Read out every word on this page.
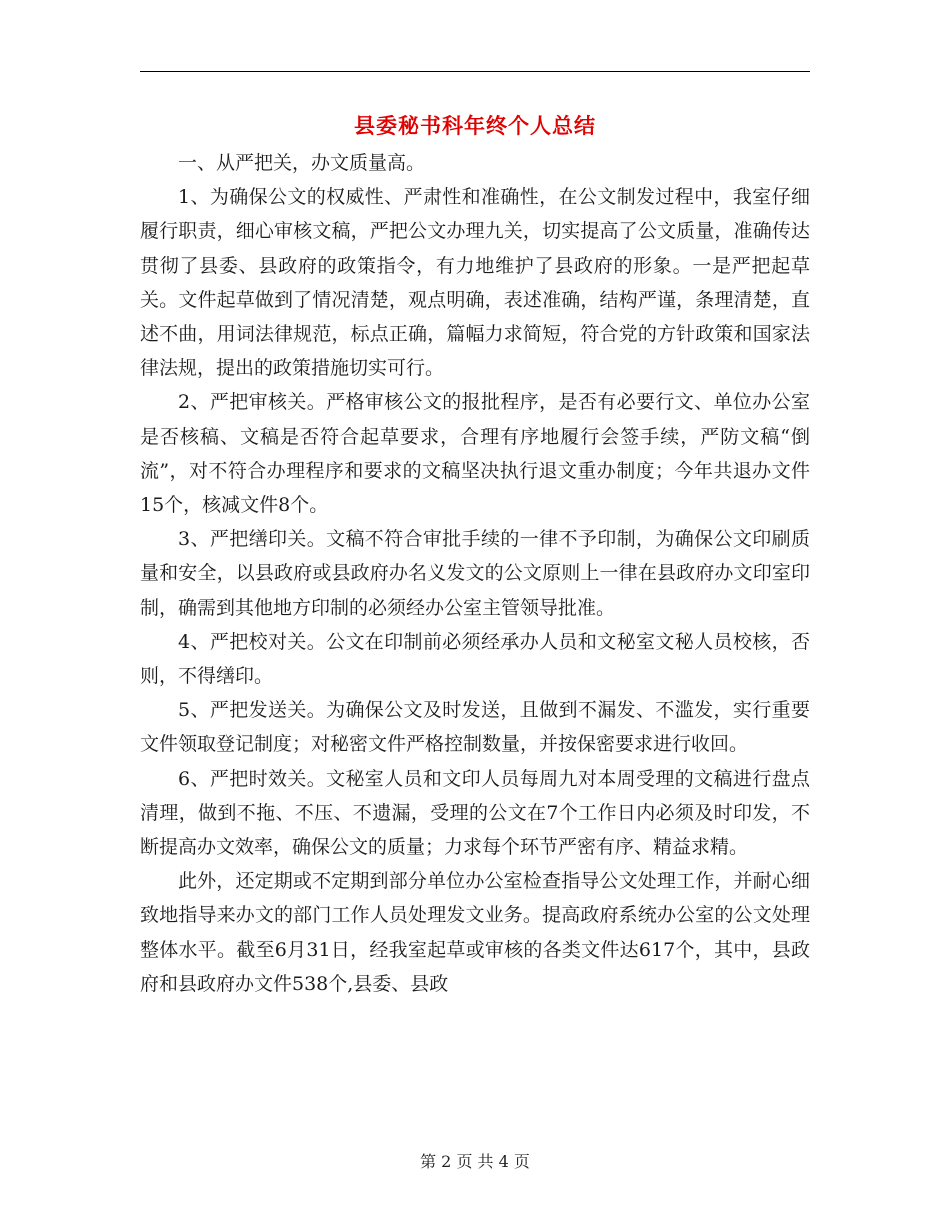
县委秘书科年终个人总结

一、从严把关，办文质量高。

1、为确保公文的权威性、严肃性和准确性，在公文制发过程中，我室仔细履行职责，细心审核文稿，严把公文办理九关，切实提高了公文质量，准确传达贯彻了县委、县政府的政策指令，有力地维护了县政府的形象。一是严把起草关。文件起草做到了情况清楚，观点明确，表述准确，结构严谨，条理清楚，直述不曲，用词法律规范，标点正确，篇幅力求简短，符合党的方针政策和国家法律法规，提出的政策措施切实可行。

2、严把审核关。严格审核公文的报批程序，是否有必要行文、单位办公室是否核稿、文稿是否符合起草要求，合理有序地履行会签手续，严防文稿“倒流”，对不符合办理程序和要求的文稿坚决执行退文重办制度；今年共退办文件15个，核减文件8个。

3、严把缮印关。文稿不符合审批手续的一律不予印制，为确保公文印刷质量和安全，以县政府或县政府办名义发文的公文原则上一律在县政府办文印室印制，确需到其他地方印制的必须经办公室主管领导批准。

4、严把校对关。公文在印制前必须经承办人员和文秘室文秘人员校核，否则，不得缮印。

5、严把发送关。为确保公文及时发送，且做到不漏发、不滥发，实行重要文件领取登记制度；对秘密文件严格控制数量，并按保密要求进行收回。

6、严把时效关。文秘室人员和文印人员每周九对本周受理的文稿进行盘点清理，做到不拖、不压、不遗漏，受理的公文在7个工作日内必须及时印发，不断提高办文效率，确保公文的质量；力求每个环节严密有序、精益求精。

此外，还定期或不定期到部分单位办公室检查指导公文处理工作，并耐心细致地指导来办文的部门工作人员处理发文业务。提高政府系统办公室的公文处理整体水平。截至6月31日，经我室起草或审核的各类文件达617个，其中，县政府和县政府办文件538个,县委、县政

第 2 页 共 4 页
